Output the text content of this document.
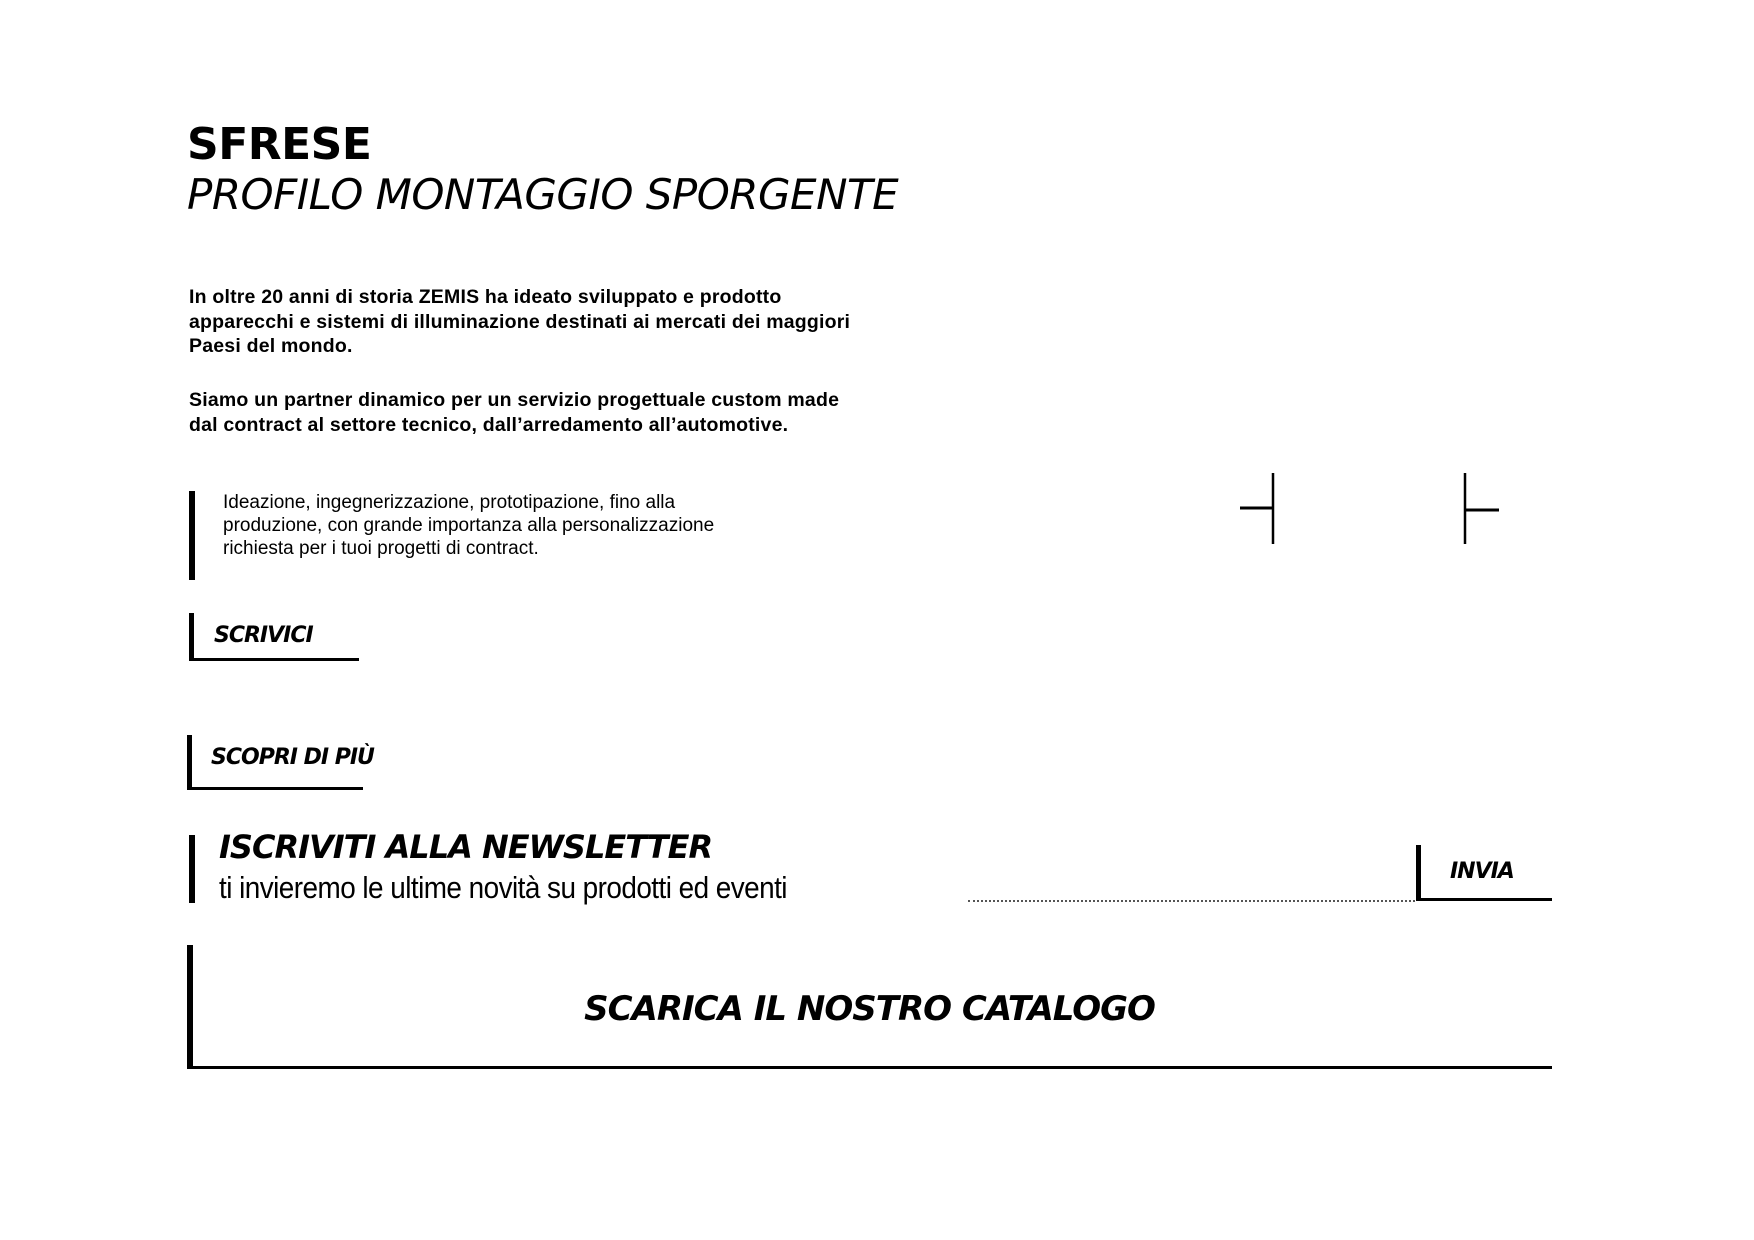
SFRESE
PROFILO MONTAGGIO SPORGENTE
In oltre 20 anni di storia ZEMIS ha ideato sviluppato e prodotto apparecchi e sistemi di illuminazione destinati ai mercati dei maggiori Paesi del mondo.
Siamo un partner dinamico per un servizio progettuale custom made dal contract al settore tecnico, dall’arredamento all’automotive.
Ideazione, ingegnerizzazione, prototipazione, fino alla produzione, con grande importanza alla personalizzazione richiesta per i tuoi progetti di contract.
SCRIVICI
SCOPRI DI PIÙ
ISCRIVITI ALLA NEWSLETTER
ti invieremo le ultime novità su prodotti ed eventi	INVIA
SCARICA IL NOSTRO CATALOGO
